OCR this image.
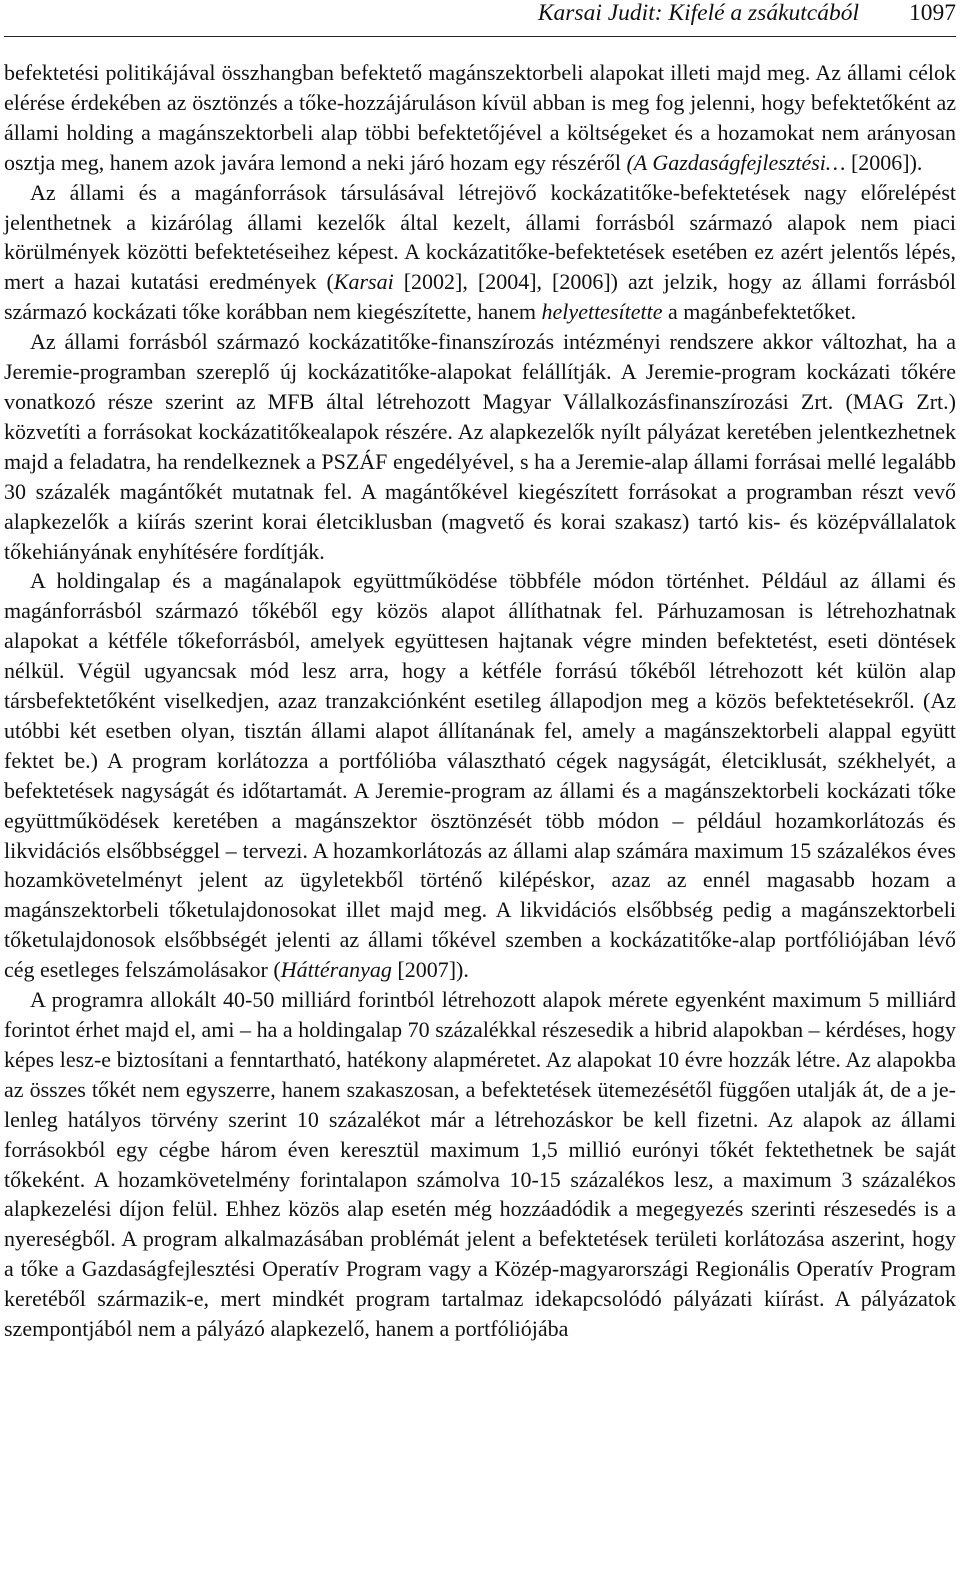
Karsai Judit: Kifelé a zsákutcából 1097

befektetési politikájával összhangban befektető magánszektorbeli alapokat illeti majd meg. Az állami célok elérése érdekében az ösztönzés a tőke-hozzájáruláson kívül abban is meg fog jelenni, hogy befektetőként az állami holding a magánszektorbeli alap többi befektetőjével a költségeket és a hozamokat nem arányosan osztja meg, hanem azok javára lemond a neki járó hozam egy részéről (A Gazdaságfejlesztési… [2006]).

Az állami és a magánforrások társulásával létrejövő kockázatitőke-befektetések nagy előrelépést jelenthetnek a kizárólag állami kezelők által kezelt, állami forrásból származó alapok nem piaci körülmények közötti befektetéseihez képest. A kockázatitőke-befektetések esetében ez azért jelentős lépés, mert a hazai kutatási eredmények (Karsai [2002], [2004], [2006]) azt jelzik, hogy az állami forrásból származó kockázati tőke korábban nem kiegészítette, hanem helyettesítette a magánbefektetőket.

Az állami forrásból származó kockázatitőke-finanszírozás intézményi rendszere akkor változhat, ha a Jeremie-programban szereplő új kockázatitőke-alapokat felállítják. A Jeremie-program kockázati tőkére vonatkozó része szerint az MFB által létrehozott Magyar Vállalkozásfinanszírozási Zrt. (MAG Zrt.) közvetíti a forrásokat kockázatitőkealapok részére. Az alapkezelők nyílt pályázat keretében jelentkezhetnek majd a feladatra, ha rendelkeznek a PSZÁF engedélyével, s ha a Jeremie-alap állami forrásai mellé legalább 30 százalék magántőkét mutatnak fel. A magántőkével kiegészített forrásokat a programban részt vevő alapkezelők a kiírás szerint korai életciklusban (magvető és korai szakasz) tartó kis- és középvállalatok tőkehiányának enyhítésére fordítják.

A holdingalap és a magánalapok együttműködése többféle módon történhet. Például az állami és magánforrásból származó tőkéből egy közös alapot állíthatnak fel. Párhuzamosan is létrehozhatnak alapokat a kétféle tőkeforrásból, amelyek együttesen hajtanak végre minden befektetést, eseti döntések nélkül. Végül ugyancsak mód lesz arra, hogy a kétféle forrású tőkéből létrehozott két külön alap társbefektetőként viselkedjen, azaz tranzakciónként esetileg állapodjon meg a közös befektetésekről. (Az utóbbi két esetben olyan, tisztán állami alapot állítanának fel, amely a magánszektorbeli alappal együtt fektet be.) A program korlátozza a portfólióba választható cégek nagyságát, életciklusát, székhelyét, a befektetések nagyságát és időtartamát. A Jeremie-program az állami és a magánszektorbeli kockázati tőke együttműködések keretében a magánszektor ösztönzését több módon – például hozamkorlátozás és likvidációs elsőbbséggel – tervezi. A hozamkorlátozás az állami alap számára maximum 15 százalékos éves hozamkövetelményt jelent az ügyletekből történő kilépéskor, azaz az ennél magasabb hozam a magánszektorbeli tőketulajdonosokat illet majd meg. A likvidációs elsőbbség pedig a magánszektorbeli tőketulajdonosok elsőbbségét jelenti az állami tőkével szemben a kockázatitőke-alap portfóliójában lévő cég esetleges felszámolásakor (Háttéranyag [2007]).

A programra allokált 40-50 milliárd forintból létrehozott alapok mérete egyenként maximum 5 milliárd forintot érhet majd el, ami – ha a holdingalap 70 százalékkal részesedik a hibrid alapokban – kérdéses, hogy képes lesz-e biztosítani a fenntartható, hatékony alapméretet. Az alapokat 10 évre hozzák létre. Az alapokba az összes tőkét nem egyszerre, hanem szakaszosan, a befektetések ütemezésétől függően utalják át, de a jelenleg hatályos törvény szerint 10 százalékot már a létrehozáskor be kell fizetni. Az alapok az állami forrásokból egy cégbe három éven keresztül maximum 1,5 millió eurónyi tőkét fektethetnek be saját tőkeként. A hozamkövetelmény forintalapon számolva 10-15 százalékos lesz, a maximum 3 százalékos alapkezelési díjon felül. Ehhez közös alap esetén még hozzáadódik a megegyezés szerinti részesedés is a nyereségből. A program alkalmazásában problémát jelent a befektetések területi korlátozása aszerint, hogy a tőke a Gazdaságfejlesztési Operatív Program vagy a Közép-magyarországi Regionális Operatív Program keretéből származik-e, mert mindkét program tartalmaz idekapcsolódó pályázati kiírást. A pályázatok szempontjából nem a pályázó alapkezelő, hanem a portfóliójába
